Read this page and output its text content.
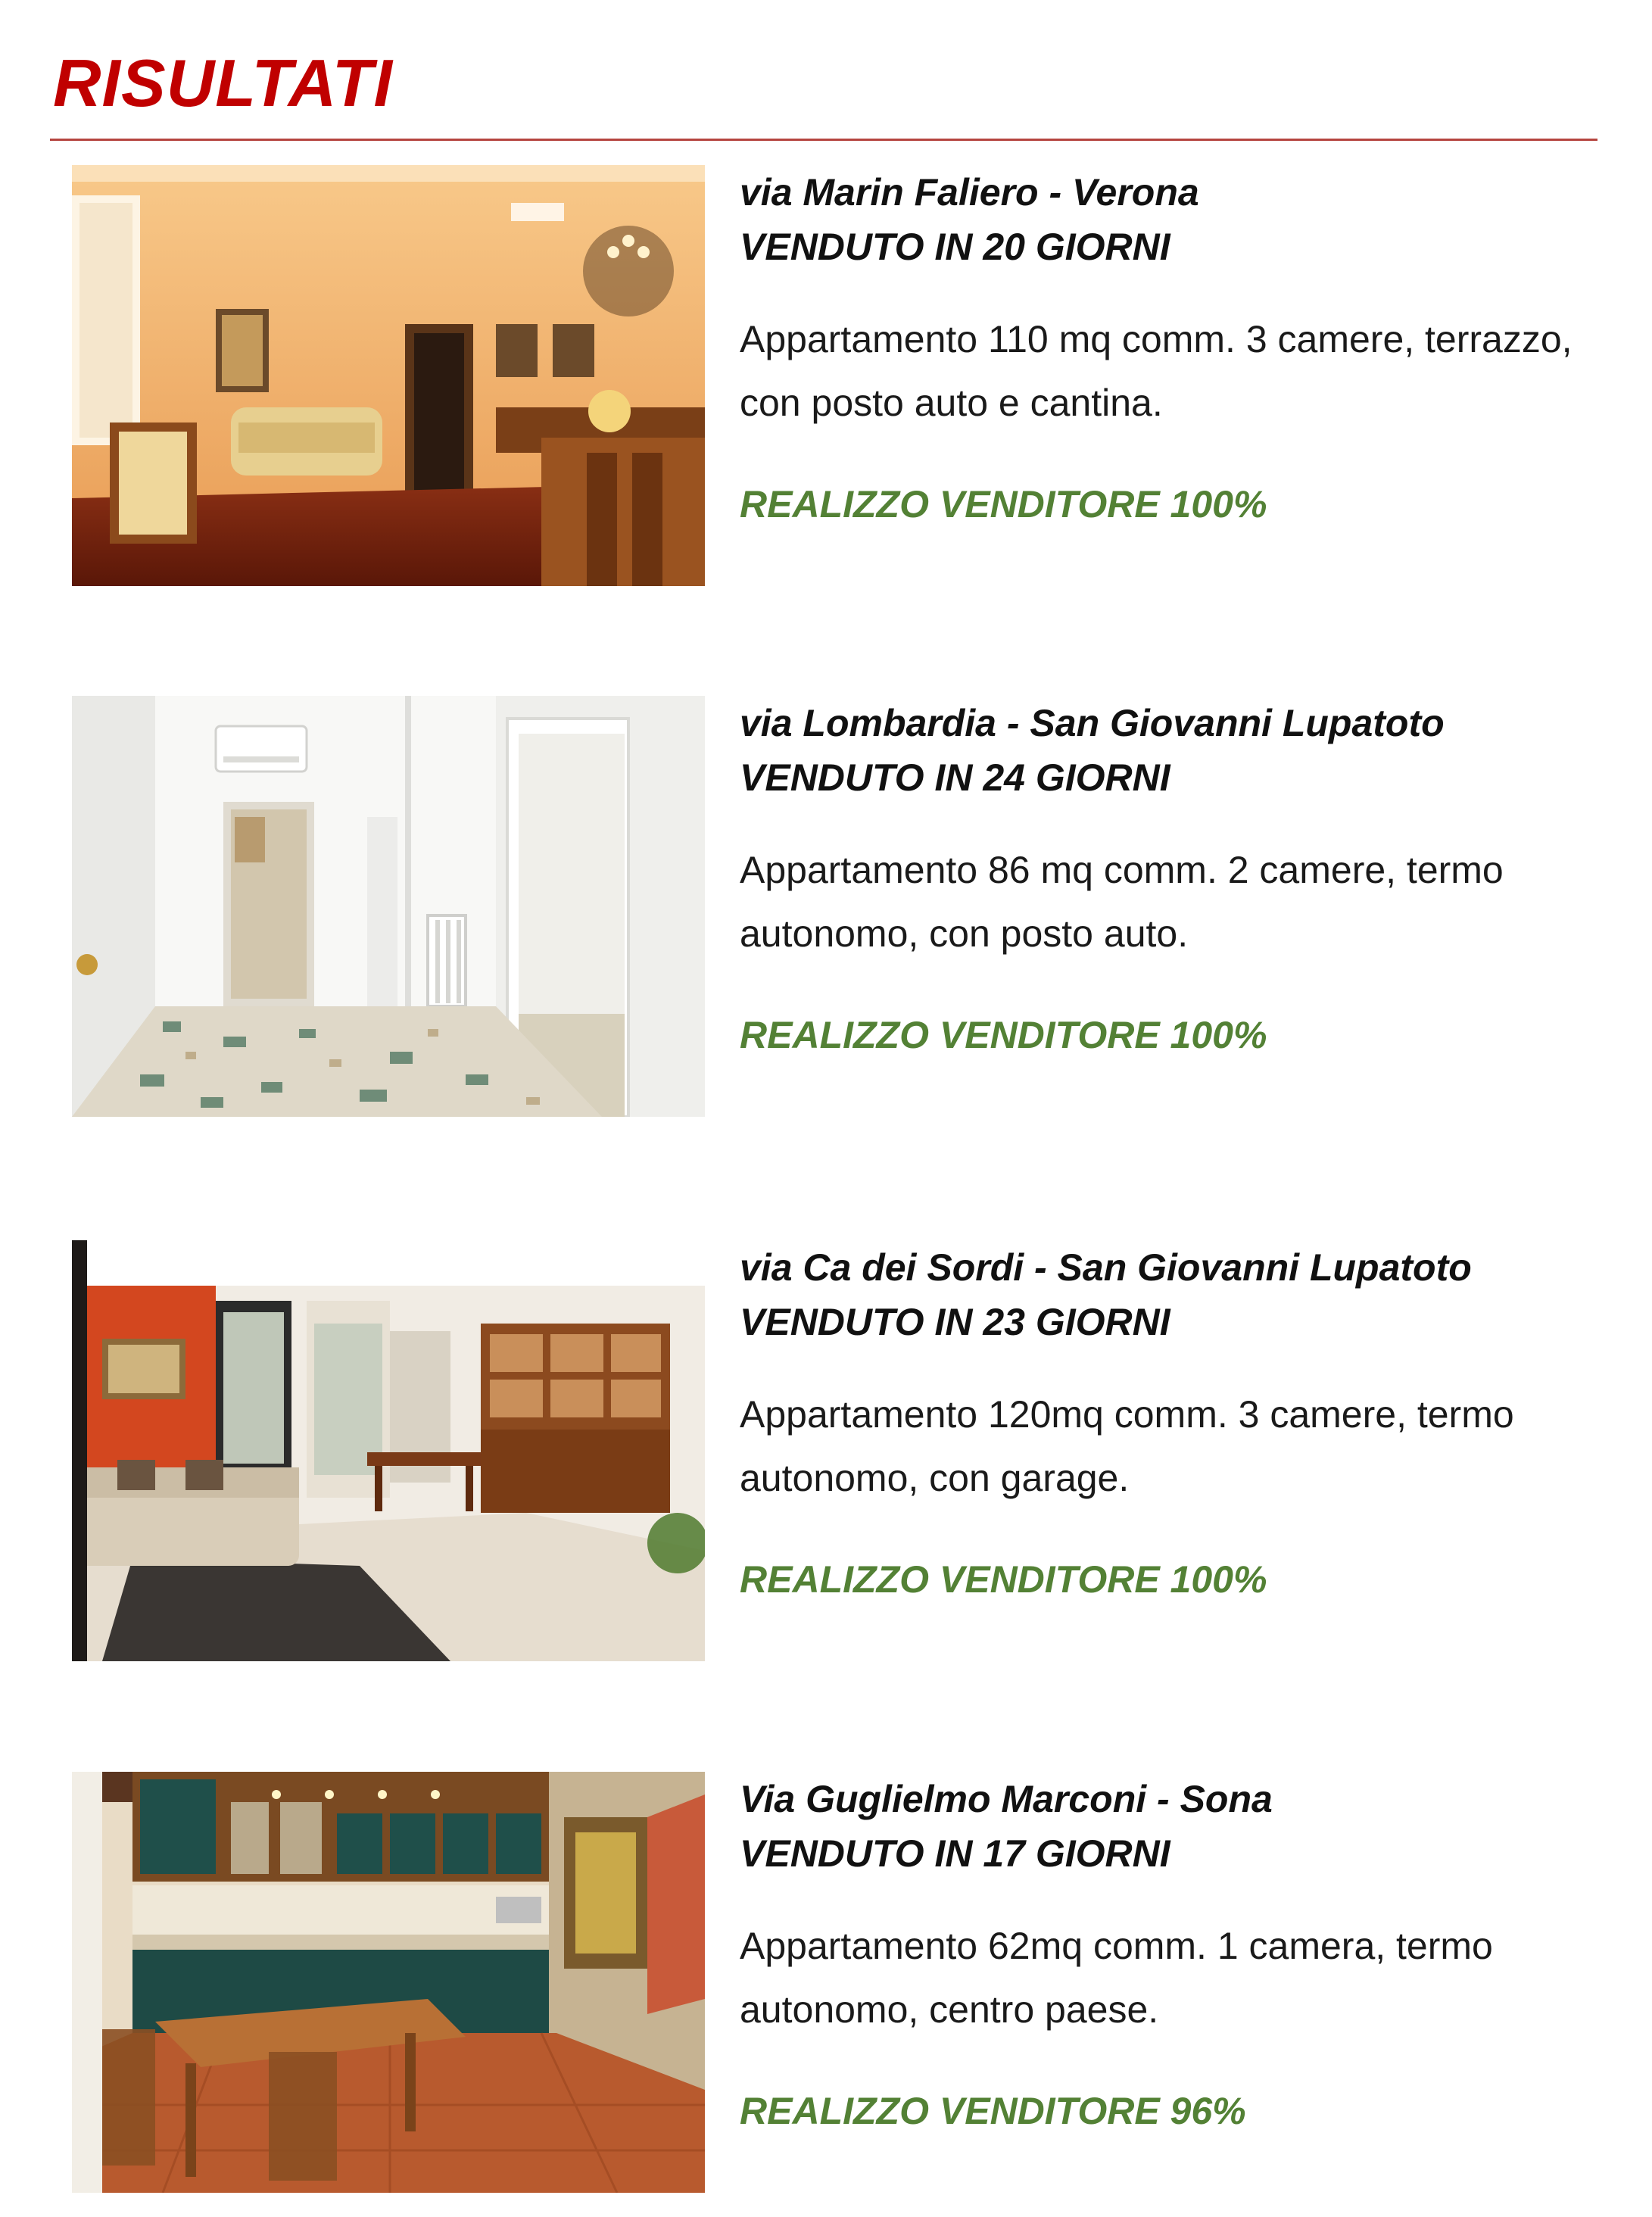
RISULTATI
via Marin Faliero - Verona
VENDUTO IN 20 GIORNI
Appartamento 110 mq comm. 3 camere, terrazzo, con posto auto e cantina.
REALIZZO VENDITORE 100%
via Lombardia - San Giovanni Lupatoto
VENDUTO IN 24 GIORNI
Appartamento 86 mq comm. 2 camere, termo autonomo, con posto auto.
REALIZZO VENDITORE 100%
via Ca dei Sordi - San Giovanni Lupatoto
VENDUTO IN 23 GIORNI
Appartamento 120mq comm. 3 camere, termo autonomo, con garage.
REALIZZO VENDITORE 100%
Via Guglielmo Marconi - Sona
VENDUTO IN 17 GIORNI
Appartamento 62mq comm. 1 camera, termo autonomo, centro paese.
REALIZZO VENDITORE 96%
